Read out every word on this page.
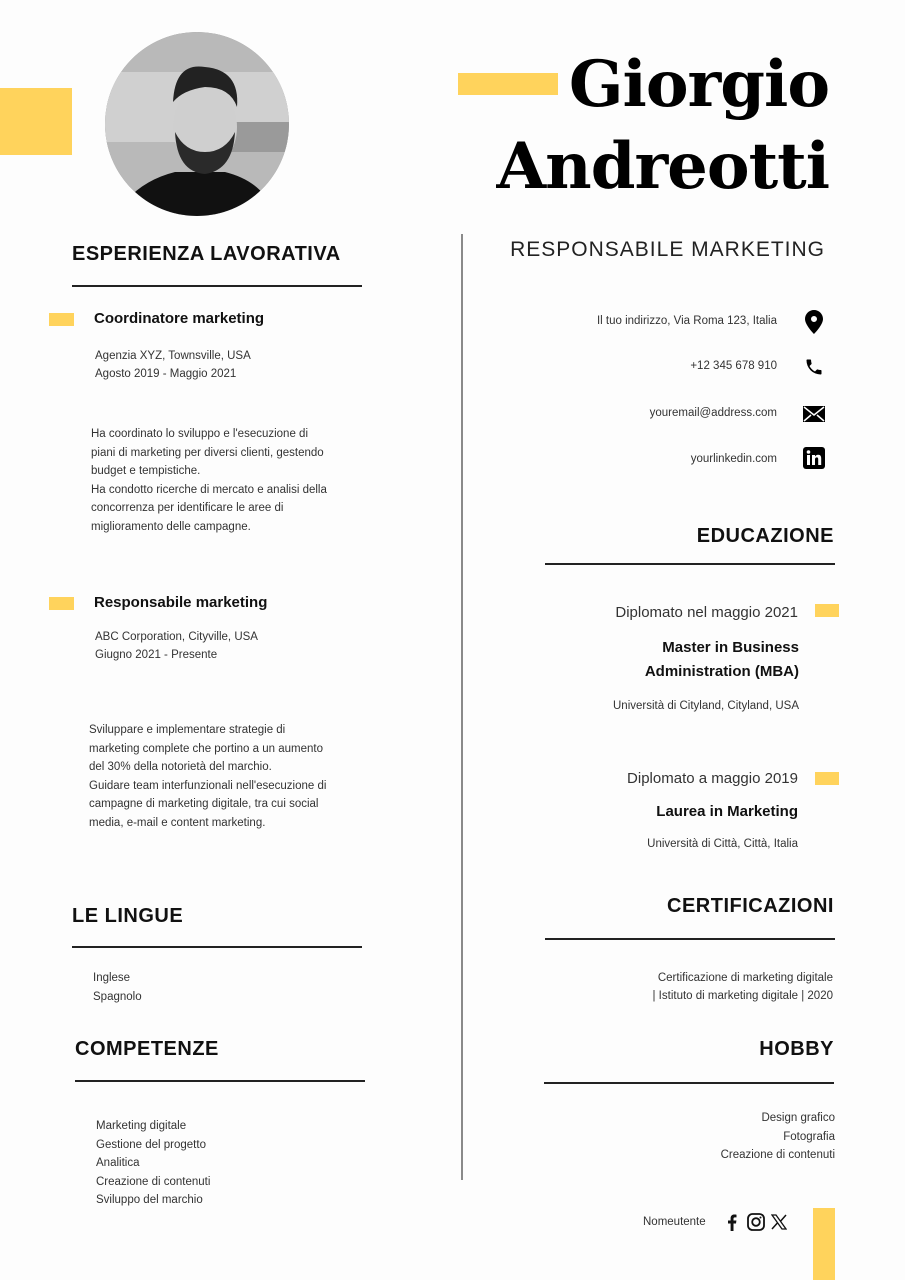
Giorgio
Andreotti
RESPONSABILE MARKETING
ESPERIENZA LAVORATIVA
Coordinatore marketing
Agenzia XYZ, Townsville, USA
Agosto 2019 - Maggio 2021
Ha coordinato lo sviluppo e l'esecuzione di
piani di marketing per diversi clienti, gestendo
budget e tempistiche.
Ha condotto ricerche di mercato e analisi della
concorrenza per identificare le aree di
miglioramento delle campagne.
Responsabile marketing
ABC Corporation, Cityville, USA
Giugno 2021 - Presente
Sviluppare e implementare strategie di
marketing complete che portino a un aumento
del 30% della notorietà del marchio.
Guidare team interfunzionali nell'esecuzione di
campagne di marketing digitale, tra cui social
media, e-mail e content marketing.
LE LINGUE
Inglese
Spagnolo
COMPETENZE
Marketing digitale
Gestione del progetto
Analitica
Creazione di contenuti
Sviluppo del marchio
Il tuo indirizzo, Via Roma 123, Italia
+12 345 678 910
youremail@address.com
yourlinkedin.com
EDUCAZIONE
Diplomato nel maggio 2021
Master in Business
Administration (MBA)
Università di Cityland, Cityland, USA
Diplomato a maggio 2019
Laurea in Marketing
Università di Città, Città, Italia
CERTIFICAZIONI
Certificazione di marketing digitale
| Istituto di marketing digitale | 2020
HOBBY
Design grafico
Fotografia
Creazione di contenuti
Nomeutente
